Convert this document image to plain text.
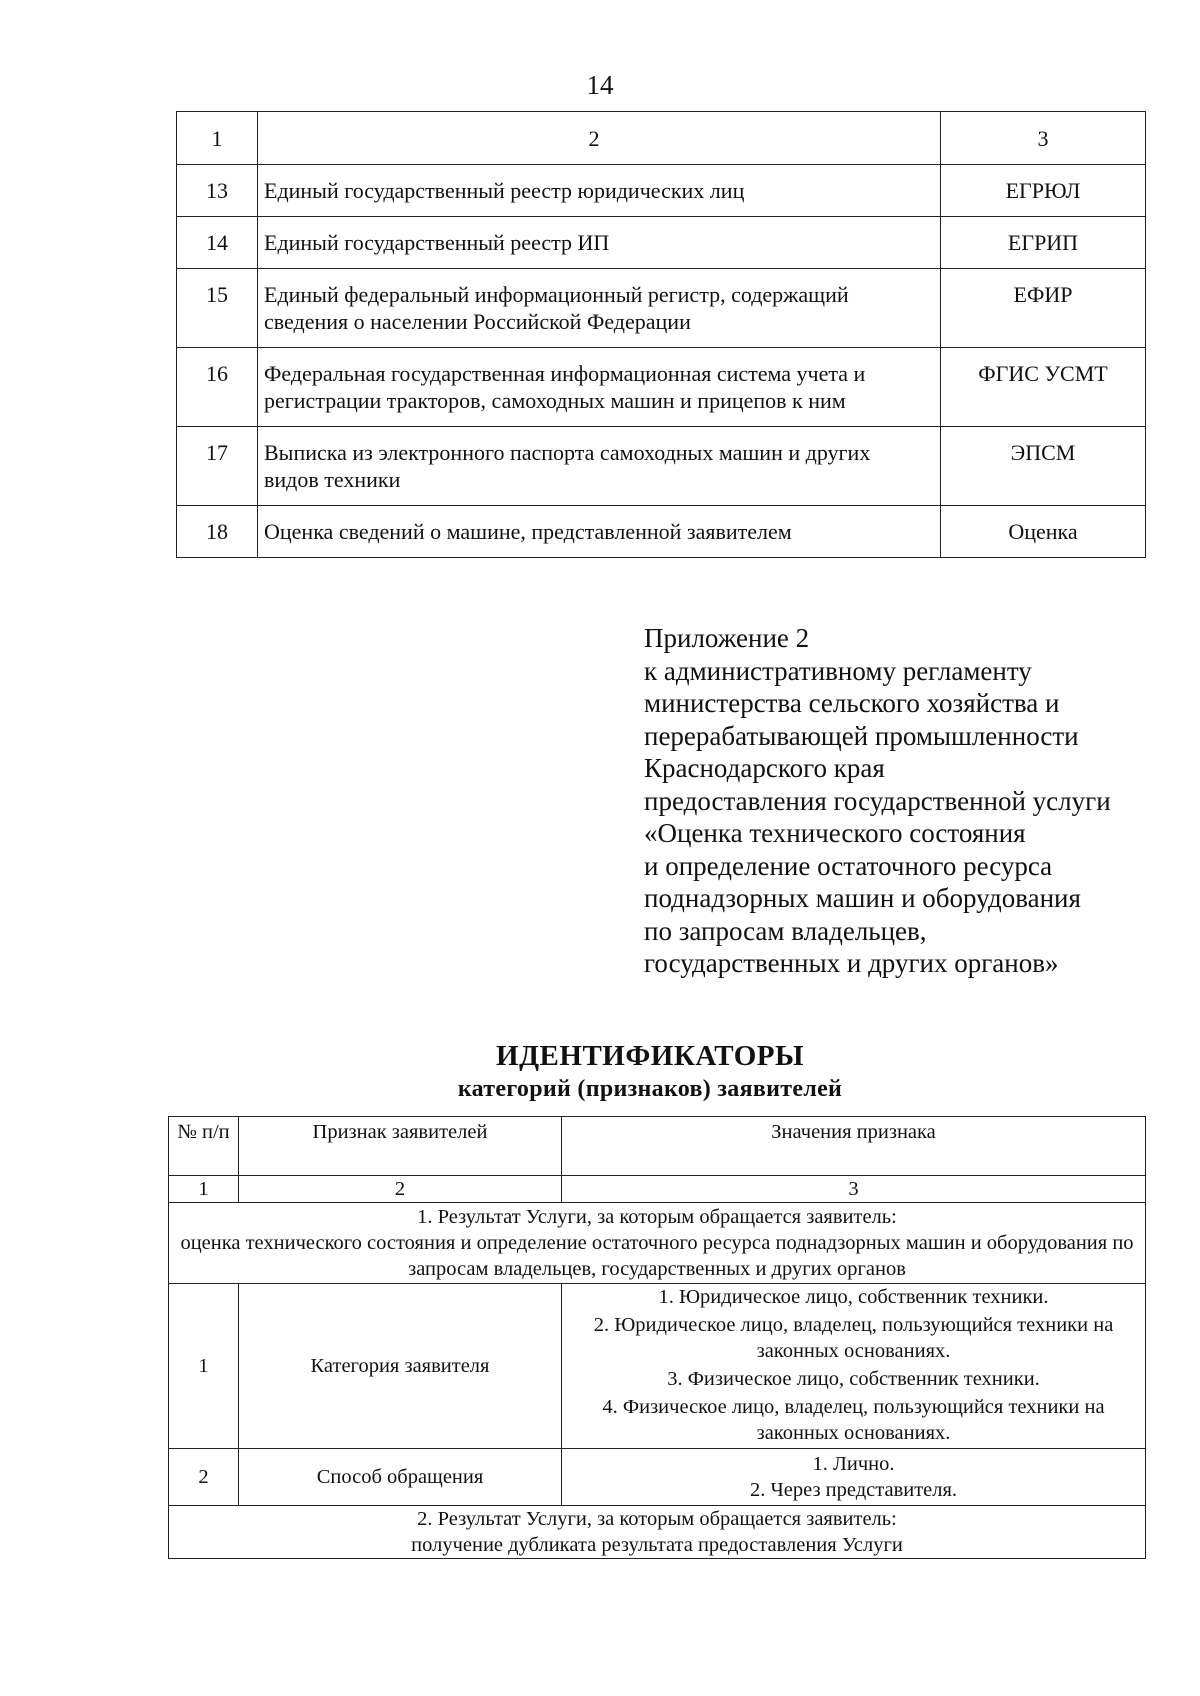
14
1	2	3
13	Единый государственный реестр юридических лиц	ЕГРЮЛ
14	Единый государственный реестр ИП	ЕГРИП
15	Единый федеральный информационный регистр, содержащий сведения о населении Российской Федерации	ЕФИР
16	Федеральная государственная информационная система учета и регистрации тракторов, самоходных машин и прицепов к ним	ФГИС УСМТ
17	Выписка из электронного паспорта самоходных машин и других видов техники	ЭПСМ
18	Оценка сведений о машине, представленной заявителем	Оценка
Приложение 2
к административному регламенту
министерства сельского хозяйства и
перерабатывающей промышленности
Краснодарского края
предоставления государственной услуги
«Оценка технического состояния
и определение остаточного ресурса
поднадзорных машин и оборудования
по запросам владельцев,
государственных и других органов»
ИДЕНТИФИКАТОРЫ
категорий (признаков) заявителей
№ п/п	Признак заявителей	Значения признака
1	2	3

1. Результат Услуги, за которым обращается заявитель:
оценка технического состояния и определение остаточного ресурса поднадзорных машин и оборудования по запросам владельцев, государственных и других органов		

1	Категория заявителя	1. Юридическое лицо, собственник техники.
2. Юридическое лицо, владелец, пользующийся техники на законных основаниях.
3. Физическое лицо, собственник техники.
4. Физическое лицо, владелец, пользующийся техники на законных основаниях.

2	Способ обращения	1. Лично.
2. Через представителя.

2. Результат Услуги, за которым обращается заявитель:
получение дубликата результата предоставления Услуги		
